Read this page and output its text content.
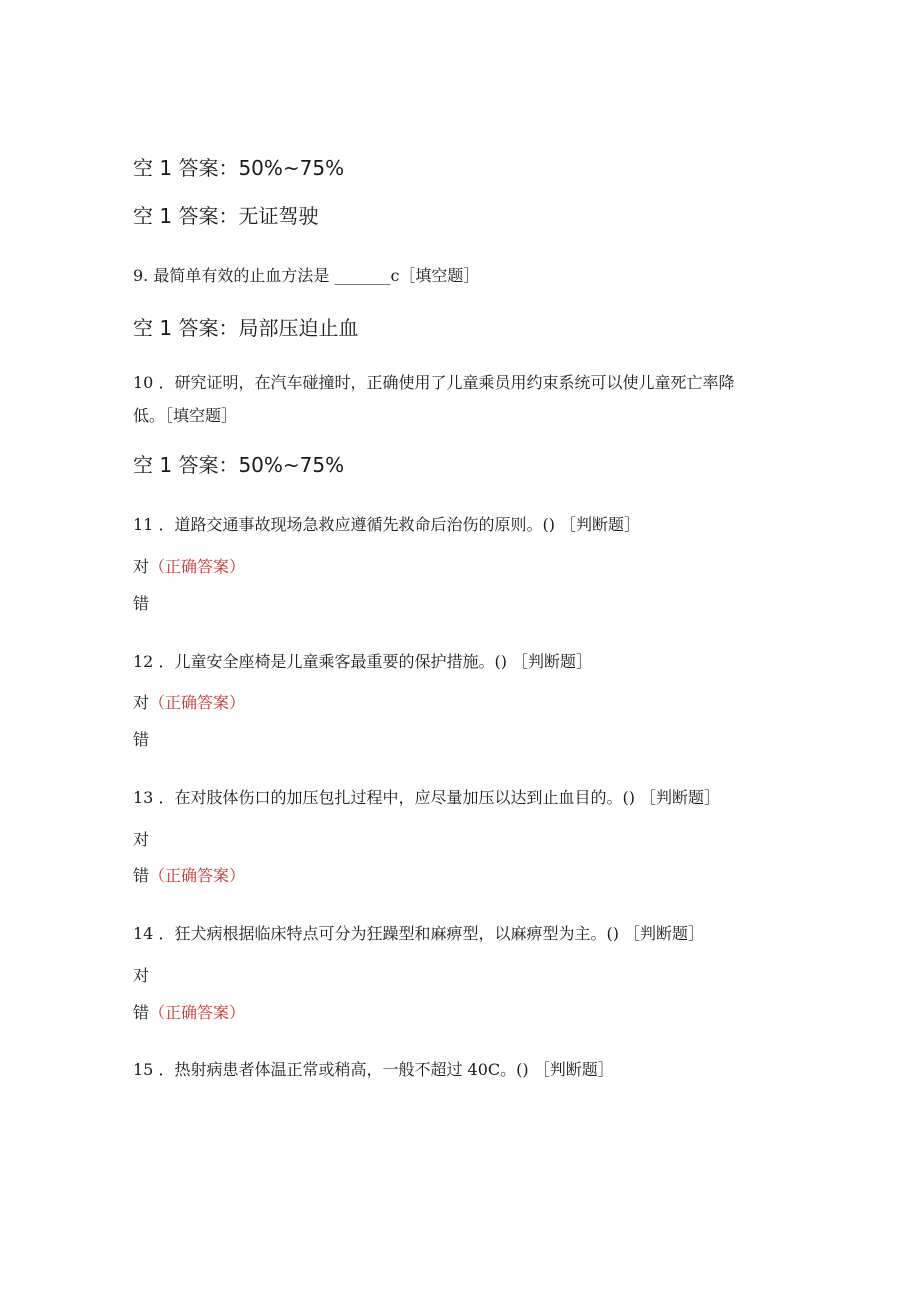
空 1 答案：50%~75%
空 1 答案：无证驾驶
9. 最简单有效的止血方法是 _______c［填空题］
空 1 答案：局部压迫止血
10 ．研究证明，在汽车碰撞时，正确使用了儿童乘员用约束系统可以使儿童死亡率降
低。［填空题］
空 1 答案：50%~75%
11 ．道路交通事故现场急救应遵循先救命后治伤的原则。() ［判断题］
对（正确答案）
错
12 ．儿童安全座椅是儿童乘客最重要的保护措施。() ［判断题］
对（正确答案）
错
13 ．在对肢体伤口的加压包扎过程中，应尽量加压以达到止血目的。() ［判断题］
对
错（正确答案）
14 ．狂犬病根据临床特点可分为狂躁型和麻痹型，以麻痹型为主。() ［判断题］
对
错（正确答案）
15 ．热射病患者体温正常或稍高，一般不超过 40C。() ［判断题］
